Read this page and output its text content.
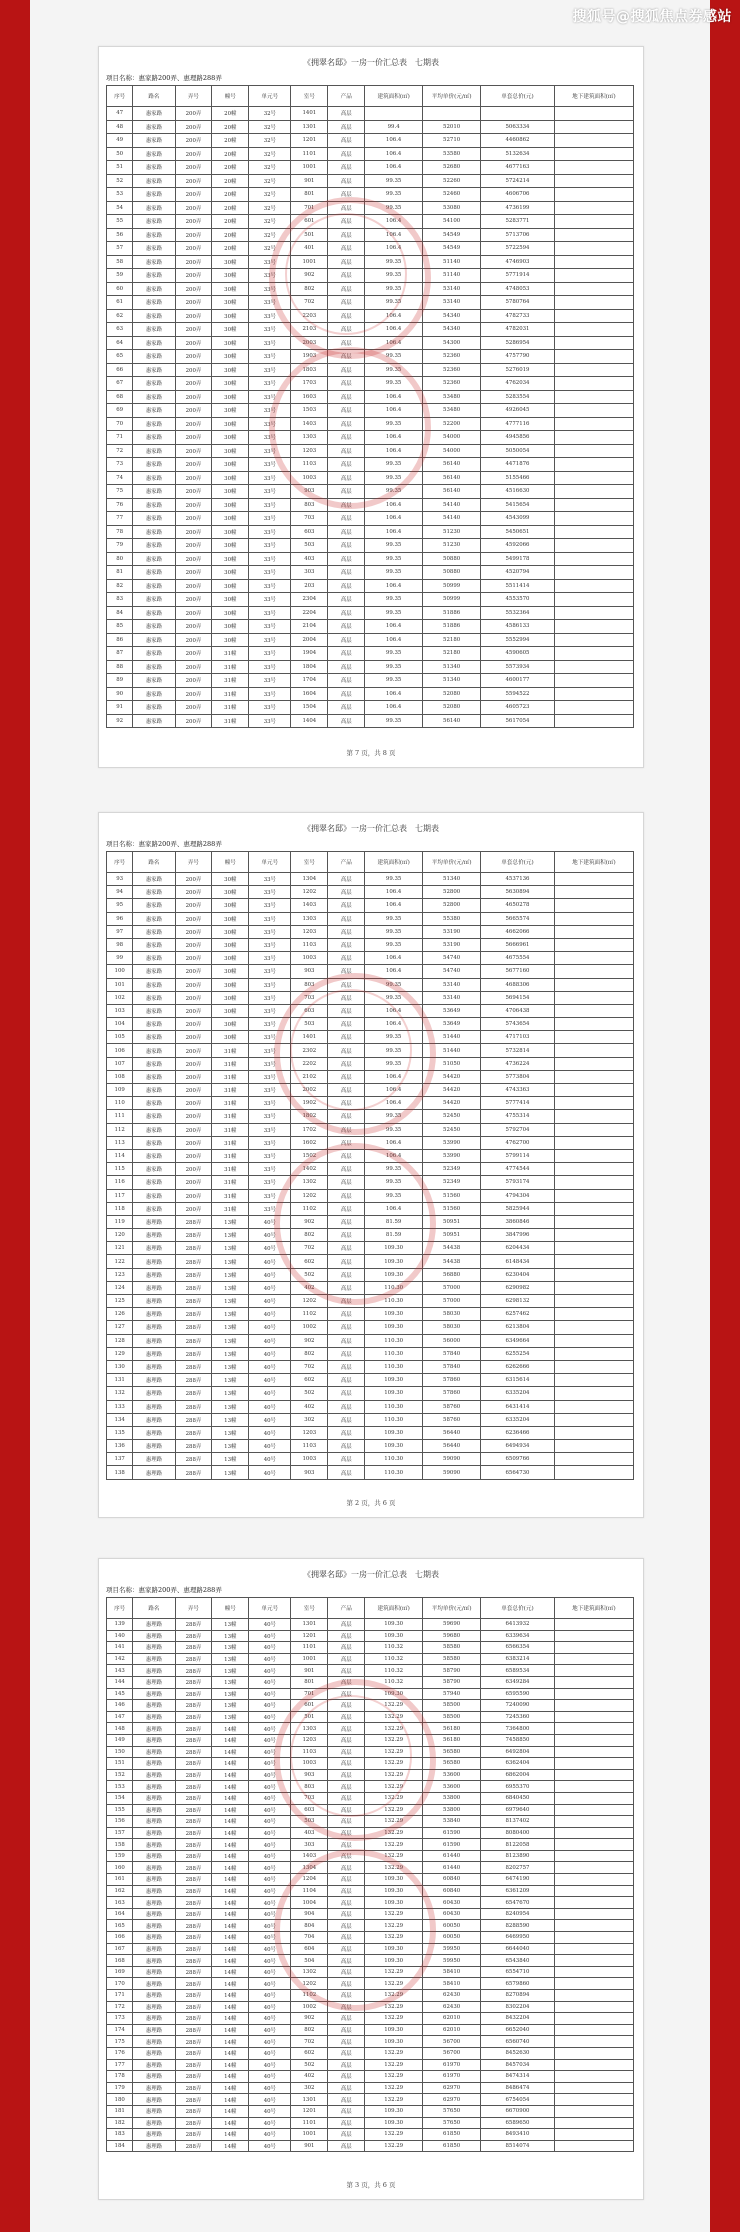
搜狐号@搜狐焦点券感站
《拥翠名邸》一房一价汇总表　七期表
项目名称：惠家路200弄、惠理路288弄
序号	路名	弄号	幢号	单元号	室号	产品	建筑面积(㎡)	平均单价(元/㎡)	单套总价(元)	地下建筑面积(㎡)
47	惠家路	200弄	20幢	32号	1401	高层				
48	惠家路	200弄	20幢	32号	1301	高层	99.4	52010	5063334	
49	惠家路	200弄	20幢	32号	1201	高层	106.4	52710	4460862	
50	惠家路	200弄	20幢	32号	1101	高层	106.4	53580	5132634	
51	惠家路	200弄	20幢	32号	1001	高层	106.4	52680	4677163	
52	惠家路	200弄	20幢	32号	901	高层	99.35	52260	5724214	
53	惠家路	200弄	20幢	32号	801	高层	99.35	52460	4606706	
54	惠家路	200弄	20幢	32号	701	高层	99.35	53080	4736199	
55	惠家路	200弄	20幢	32号	601	高层	106.4	54100	5283771	
56	惠家路	200弄	20幢	32号	501	高层	106.4	54549	5713706	
57	惠家路	200弄	20幢	32号	401	高层	106.4	54549	5722594	
58	惠家路	200弄	30幢	33号	1001	高层	99.35	51140	4746903	
59	惠家路	200弄	30幢	33号	902	高层	99.35	51140	5771914	
60	惠家路	200弄	30幢	33号	802	高层	99.35	53140	4748053	
61	惠家路	200弄	30幢	33号	702	高层	99.35	53140	5780764	
62	惠家路	200弄	30幢	33号	2203	高层	106.4	54340	4782733	
63	惠家路	200弄	30幢	33号	2103	高层	106.4	54340	4782031	
64	惠家路	200弄	30幢	33号	2003	高层	106.4	54300	5286954	
65	惠家路	200弄	30幢	33号	1903	高层	99.35	52360	4757790	
66	惠家路	200弄	30幢	33号	1803	高层	99.35	52360	5276019	
67	惠家路	200弄	30幢	33号	1703	高层	99.35	52360	4762034	
68	惠家路	200弄	30幢	33号	1603	高层	106.4	53480	5283554	
69	惠家路	200弄	30幢	33号	1503	高层	106.4	53480	4926045	
70	惠家路	200弄	30幢	33号	1403	高层	99.35	52200	4777116	
71	惠家路	200弄	30幢	33号	1303	高层	106.4	54000	4945856	
72	惠家路	200弄	30幢	33号	1203	高层	106.4	54000	5050054	
73	惠家路	200弄	30幢	33号	1103	高层	99.35	56140	4471876	
74	惠家路	200弄	30幢	33号	1003	高层	99.35	56140	5155466	
75	惠家路	200弄	30幢	33号	903	高层	99.35	56140	4516630	
76	惠家路	200弄	30幢	33号	803	高层	106.4	54140	5415654	
77	惠家路	200弄	30幢	33号	703	高层	106.4	54140	4543099	
78	惠家路	200弄	30幢	33号	603	高层	106.4	51230	5450651	
79	惠家路	200弄	30幢	33号	503	高层	99.35	51230	4592066	
80	惠家路	200弄	30幢	33号	403	高层	99.35	50880	5499178	
81	惠家路	200弄	30幢	33号	303	高层	99.35	50880	4520794	
82	惠家路	200弄	30幢	33号	203	高层	106.4	50999	5511414	
83	惠家路	200弄	30幢	33号	2304	高层	99.35	50999	4553570	
84	惠家路	200弄	30幢	33号	2204	高层	99.35	51886	5532364	
85	惠家路	200弄	30幢	33号	2104	高层	106.4	51886	4586133	
86	惠家路	200弄	30幢	33号	2004	高层	106.4	52180	5552994	
87	惠家路	200弄	31幢	33号	1904	高层	99.35	52180	4590605	
88	惠家路	200弄	31幢	33号	1804	高层	99.35	51340	5573934	
89	惠家路	200弄	31幢	33号	1704	高层	99.35	51340	4600177	
90	惠家路	200弄	31幢	33号	1604	高层	106.4	52080	5594522	
91	惠家路	200弄	31幢	33号	1504	高层	106.4	52080	4605723	
92	惠家路	200弄	31幢	33号	1404	高层	99.35	56140	5617054	
第 7 页，共 8 页
《拥翠名邸》一房一价汇总表　七期表
项目名称：惠家路200弄、惠理路288弄
序号	路名	弄号	幢号	单元号	室号	产品	建筑面积(㎡)	平均单价(元/㎡)	单套总价(元)	地下建筑面积(㎡)
93	惠家路	200弄	30幢	33号	1304	高层	99.35	51340	4537136	
94	惠家路	200弄	30幢	33号	1202	高层	106.4	52800	5630894	
95	惠家路	200弄	30幢	33号	1403	高层	106.4	52800	4650278	
96	惠家路	200弄	30幢	33号	1303	高层	99.35	55380	5665574	
97	惠家路	200弄	30幢	33号	1203	高层	99.35	53190	4662066	
98	惠家路	200弄	30幢	33号	1103	高层	99.35	53190	5666961	
99	惠家路	200弄	30幢	33号	1003	高层	106.4	54740	4675554	
100	惠家路	200弄	30幢	33号	903	高层	106.4	54740	5677160	
101	惠家路	200弄	30幢	33号	803	高层	99.35	53140	4688306	
102	惠家路	200弄	30幢	33号	703	高层	99.35	53140	5694154	
103	惠家路	200弄	30幢	33号	603	高层	106.4	53649	4706438	
104	惠家路	200弄	30幢	33号	503	高层	106.4	53649	5743654	
105	惠家路	200弄	30幢	33号	1401	高层	99.35	51440	4717103	
106	惠家路	200弄	31幢	33号	2302	高层	99.35	51440	5732814	
107	惠家路	200弄	31幢	33号	2202	高层	99.35	51050	4736224	
108	惠家路	200弄	31幢	33号	2102	高层	106.4	54420	5773804	
109	惠家路	200弄	31幢	33号	2002	高层	106.4	54420	4743363	
110	惠家路	200弄	31幢	33号	1902	高层	106.4	54420	5777414	
111	惠家路	200弄	31幢	33号	1802	高层	99.35	52450	4755314	
112	惠家路	200弄	31幢	33号	1702	高层	99.35	52450	5792704	
113	惠家路	200弄	31幢	33号	1602	高层	106.4	53990	4762700	
114	惠家路	200弄	31幢	33号	1502	高层	106.4	53990	5799114	
115	惠家路	200弄	31幢	33号	1402	高层	99.35	52349	4774544	
116	惠家路	200弄	31幢	33号	1302	高层	99.35	52349	5793174	
117	惠家路	200弄	31幢	33号	1202	高层	99.35	51560	4794304	
118	惠家路	200弄	31幢	33号	1102	高层	106.4	51560	5825944	
119	惠理路	288弄	13幢	40号	902	高层	81.59	50951	3860846	
120	惠理路	288弄	13幢	40号	802	高层	81.59	50951	3847996	
121	惠理路	288弄	13幢	40号	702	高层	109.30	54438	6204434	
122	惠理路	288弄	13幢	40号	602	高层	109.30	54438	6148434	
123	惠理路	288弄	13幢	40号	502	高层	109.30	56880	6230404	
124	惠理路	288弄	13幢	40号	402	高层	110.30	57000	6290982	
125	惠理路	288弄	13幢	40号	1202	高层	110.30	57000	6298132	
126	惠理路	288弄	13幢	40号	1102	高层	109.30	58030	6257462	
127	惠理路	288弄	13幢	40号	1002	高层	109.30	58030	6213804	
128	惠理路	288弄	13幢	40号	902	高层	110.30	56000	6349664	
129	惠理路	288弄	13幢	40号	802	高层	110.30	57840	6255254	
130	惠理路	288弄	13幢	40号	702	高层	110.30	57840	6262666	
131	惠理路	288弄	13幢	40号	602	高层	109.30	57860	6315614	
132	惠理路	288弄	13幢	40号	502	高层	109.30	57860	6335204	
133	惠理路	288弄	13幢	40号	402	高层	110.30	58760	6431414	
134	惠理路	288弄	13幢	40号	302	高层	110.30	58760	6335204	
135	惠理路	288弄	13幢	40号	1203	高层	109.30	56440	6236466	
136	惠理路	288弄	13幢	40号	1103	高层	109.30	56440	6494934	
137	惠理路	288弄	13幢	40号	1003	高层	110.30	59090	6509766	
138	惠理路	288弄	13幢	40号	903	高层	110.30	59090	6564730	
第 2 页，共 6 页
《拥翠名邸》一房一价汇总表　七期表
项目名称：惠家路200弄、惠理路288弄
序号	路名	弄号	幢号	单元号	室号	产品	建筑面积(㎡)	平均单价(元/㎡)	单套总价(元)	地下建筑面积(㎡)
139	惠理路	288弄	13幢	40号	1301	高层	109.30	59690	6413932	
140	惠理路	288弄	13幢	40号	1201	高层	109.30	59680	6339634	
141	惠理路	288弄	13幢	40号	1101	高层	110.32	58580	6566354	
142	惠理路	288弄	13幢	40号	1001	高层	110.32	58580	6383214	
143	惠理路	288弄	13幢	40号	901	高层	110.32	58790	6589534	
144	惠理路	288弄	13幢	40号	801	高层	110.32	58790	6349284	
145	惠理路	288弄	13幢	40号	701	高层	109.30	57940	6595590	
146	惠理路	288弄	13幢	40号	601	高层	132.29	58500	7240090	
147	惠理路	288弄	13幢	40号	501	高层	132.29	58500	7245360	
148	惠理路	288弄	14幢	40号	1303	高层	132.29	56180	7364800	
149	惠理路	288弄	14幢	40号	1203	高层	132.29	56180	7458850	
150	惠理路	288弄	14幢	40号	1103	高层	132.29	56580	6492804	
151	惠理路	288弄	14幢	40号	1003	高层	132.29	56580	6362404	
152	惠理路	288弄	14幢	40号	903	高层	132.29	53600	6862004	
153	惠理路	288弄	14幢	40号	803	高层	132.29	53600	6955370	
154	惠理路	288弄	14幢	40号	703	高层	132.29	53800	6840450	
155	惠理路	288弄	14幢	40号	603	高层	132.29	53800	6979640	
156	惠理路	288弄	14幢	40号	503	高层	132.29	53840	8137402	
157	惠理路	288弄	14幢	40号	403	高层	132.29	61590	8080400	
158	惠理路	288弄	14幢	40号	303	高层	132.29	61590	8122058	
159	惠理路	288弄	14幢	40号	1403	高层	132.29	61440	8123890	
160	惠理路	288弄	14幢	40号	1304	高层	132.29	61440	8202757	
161	惠理路	288弄	14幢	40号	1204	高层	109.30	60840	6474190	
162	惠理路	288弄	14幢	40号	1104	高层	109.30	60840	6361209	
163	惠理路	288弄	14幢	40号	1004	高层	109.30	60430	6547670	
164	惠理路	288弄	14幢	40号	904	高层	132.29	60430	8240954	
165	惠理路	288弄	14幢	40号	804	高层	132.29	60050	8288590	
166	惠理路	288弄	14幢	40号	704	高层	132.29	60050	6469950	
167	惠理路	288弄	14幢	40号	604	高层	109.30	59950	6644040	
168	惠理路	288弄	14幢	40号	504	高层	109.30	59950	6543840	
169	惠理路	288弄	14幢	40号	1302	高层	132.29	58410	6554710	
170	惠理路	288弄	14幢	40号	1202	高层	132.29	58410	6579860	
171	惠理路	288弄	14幢	40号	1102	高层	132.29	62430	8270894	
172	惠理路	288弄	14幢	40号	1002	高层	132.29	62430	8302204	
173	惠理路	288弄	14幢	40号	902	高层	132.29	62010	8432204	
174	惠理路	288弄	14幢	40号	802	高层	109.30	62010	6652040	
175	惠理路	288弄	14幢	40号	702	高层	109.30	56700	6560740	
176	惠理路	288弄	14幢	40号	602	高层	132.29	56700	8452630	
177	惠理路	288弄	14幢	40号	502	高层	132.29	61970	8457034	
178	惠理路	288弄	14幢	40号	402	高层	132.29	61970	8474314	
179	惠理路	288弄	14幢	40号	302	高层	132.29	62970	8486474	
180	惠理路	288弄	14幢	40号	1301	高层	132.29	62970	6754054	
181	惠理路	288弄	14幢	40号	1201	高层	109.30	57650	6670900	
182	惠理路	288弄	14幢	40号	1101	高层	109.30	57650	6589650	
183	惠理路	288弄	14幢	40号	1001	高层	132.29	61850	8493410	
184	惠理路	288弄	14幢	40号	901	高层	132.29	61850	8514074	
第 3 页，共 6 页
